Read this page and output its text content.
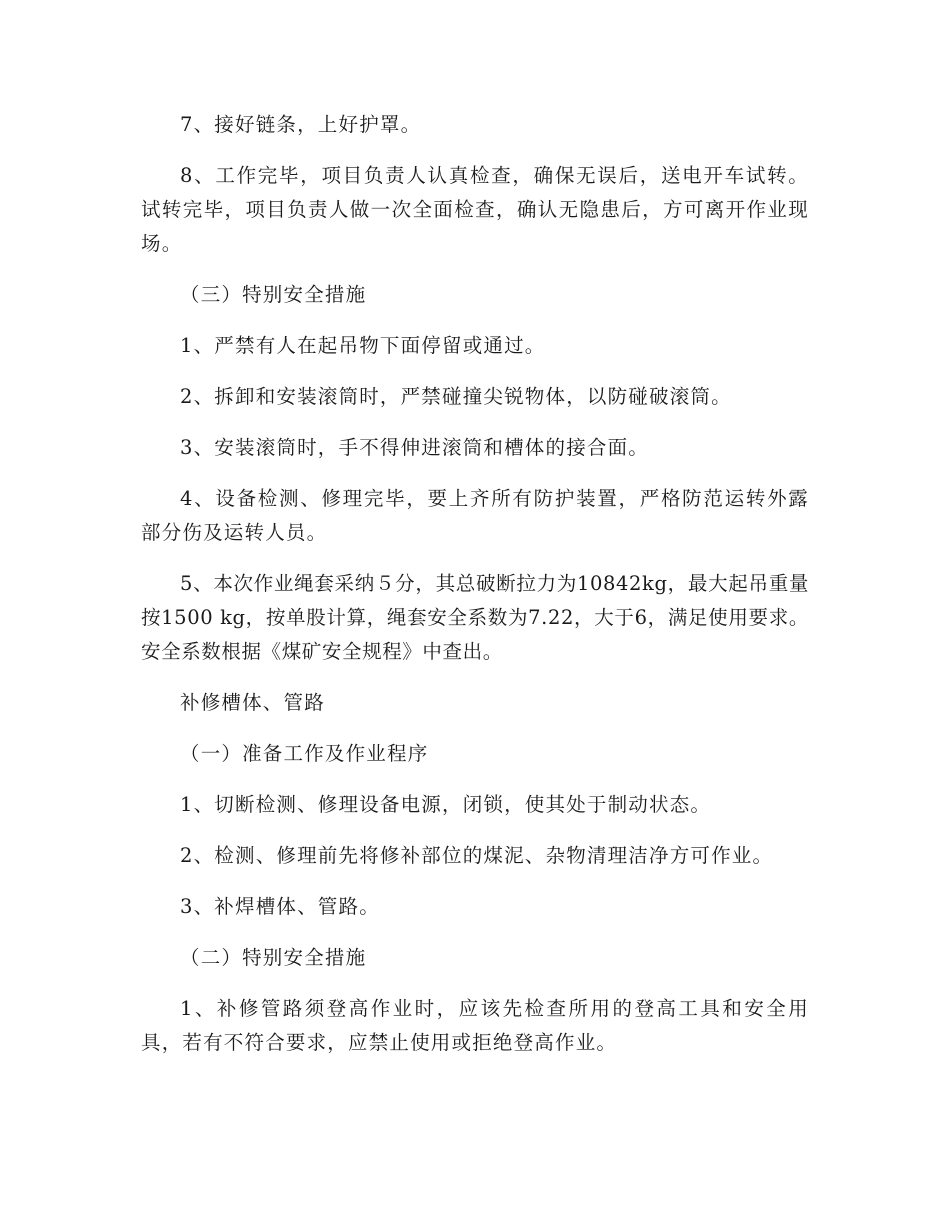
7、接好链条，上好护罩。

8、工作完毕，项目负责人认真检查，确保无误后，送电开车试转。试转完毕，项目负责人做一次全面检查，确认无隐患后，方可离开作业现场。

（三）特别安全措施

1、严禁有人在起吊物下面停留或通过。

2、拆卸和安装滚筒时，严禁碰撞尖锐物体，以防碰破滚筒。

3、安装滚筒时，手不得伸进滚筒和槽体的接合面。

4、设备检测、修理完毕，要上齐所有防护装置，严格防范运转外露部分伤及运转人员。

5、本次作业绳套采纳５分，其总破断拉力为10842kg，最大起吊重量按1500 kg，按单股计算，绳套安全系数为7.22，大于6，满足使用要求。安全系数根据《煤矿安全规程》中查出。

补修槽体、管路

（一）准备工作及作业程序

1、切断检测、修理设备电源，闭锁，使其处于制动状态。

2、检测、修理前先将修补部位的煤泥、杂物清理洁净方可作业。

3、补焊槽体、管路。

（二）特别安全措施

1、补修管路须登高作业时，应该先检查所用的登高工具和安全用具，若有不符合要求，应禁止使用或拒绝登高作业。
